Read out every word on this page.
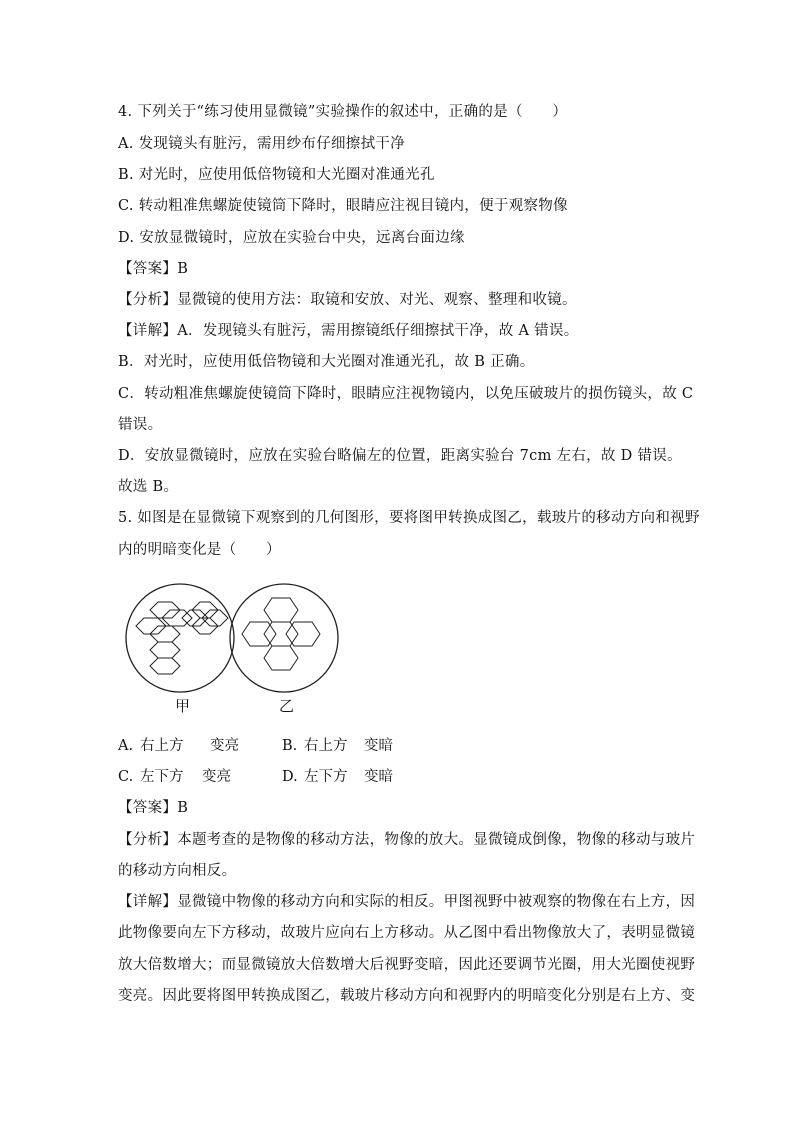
4. 下列关于“练习使用显微镜”实验操作的叙述中，正确的是（　　）
A. 发现镜头有脏污，需用纱布仔细擦拭干净
B. 对光时，应使用低倍物镜和大光圈对准通光孔
C. 转动粗准焦螺旋使镜筒下降时，眼睛应注视目镜内，便于观察物像
D. 安放显微镜时，应放在实验台中央，远离台面边缘
【答案】B
【分析】显微镜的使用方法：取镜和安放、对光、观察、整理和收镜。
【详解】A．发现镜头有脏污，需用擦镜纸仔细擦拭干净，故 A 错误。
B．对光时，应使用低倍物镜和大光圈对准通光孔，故 B 正确。
C．转动粗准焦螺旋使镜筒下降时，眼睛应注视物镜内，以免压破玻片的损伤镜头，故 C
错误。
D．安放显微镜时，应放在实验台略偏左的位置，距离实验台 7cm 左右，故 D 错误。
故选 B。
5. 如图是在显微镜下观察到的几何图形，要将图甲转换成图乙，载玻片的移动方向和视野
内的明暗变化是（　　）
甲	乙
A. 右上方 变亮	B. 右上方 变暗
C. 左下方 变亮	D. 左下方 变暗
【答案】B
【分析】本题考查的是物像的移动方法，物像的放大。显微镜成倒像，物像的移动与玻片
的移动方向相反。
【详解】显微镜中物像的移动方向和实际的相反。甲图视野中被观察的物像在右上方，因
此物像要向左下方移动，故玻片应向右上方移动。从乙图中看出物像放大了，表明显微镜
放大倍数增大；而显微镜放大倍数增大后视野变暗，因此还要调节光圈，用大光圈使视野
变亮。因此要将图甲转换成图乙，载玻片移动方向和视野内的明暗变化分别是右上方、变
